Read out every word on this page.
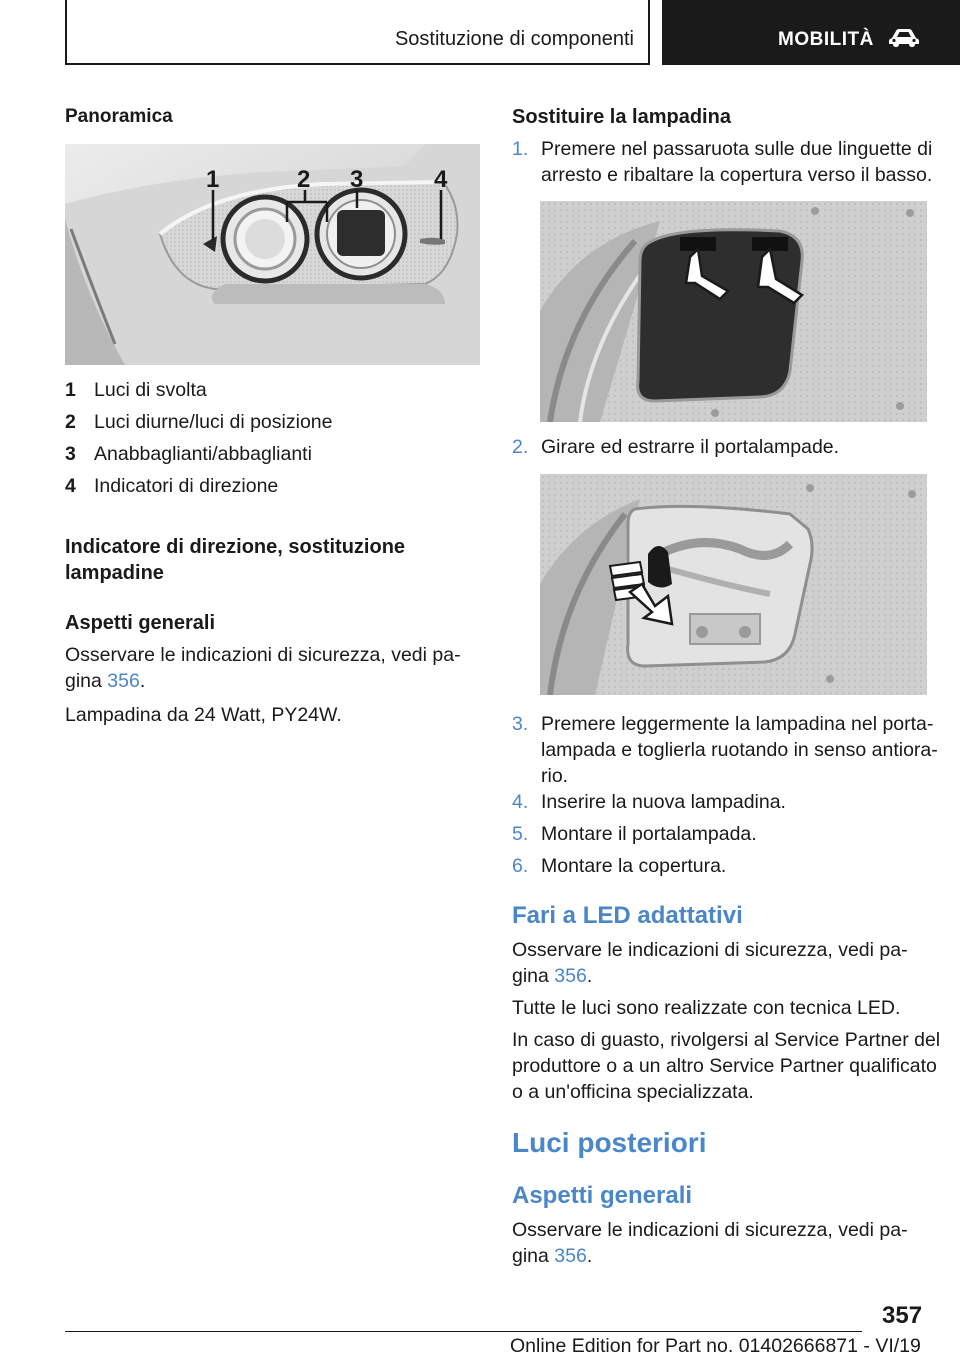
Sostituzione di componenti	MOBILITÀ
Panoramica
1	2 3	4
1 Luci di svolta
2 Luci diurne/luci di posizione
3 Anabbaglianti/abbaglianti
4 Indicatori di direzione
Indicatore di direzione, sostituzione
lampadine
Aspetti generali
Osservare le indicazioni di sicurezza, vedi pa‐
gina 356.
Lampadina da 24 Watt, PY24W.
Sostituire la lampadina
1. Premere nel passaruota sulle due linguette di
arresto e ribaltare la copertura verso il basso.
2. Girare ed estrarre il portalampade.
3. Premere leggermente la lampadina nel porta‐
lampada e toglierla ruotando in senso antiora‐
rio.
4. Inserire la nuova lampadina.
5. Montare il portalampada.
6. Montare la copertura.
Fari a LED adattativi
Osservare le indicazioni di sicurezza, vedi pa‐
gina 356.
Tutte le luci sono realizzate con tecnica LED.
In caso di guasto, rivolgersi al Service Partner del
produttore o a un altro Service Partner qualificato
o a un'officina specializzata.
Luci posteriori
Aspetti generali
Osservare le indicazioni di sicurezza, vedi pa‐
gina 356.
357
Online Edition for Part no. 01402666871 - VI/19
